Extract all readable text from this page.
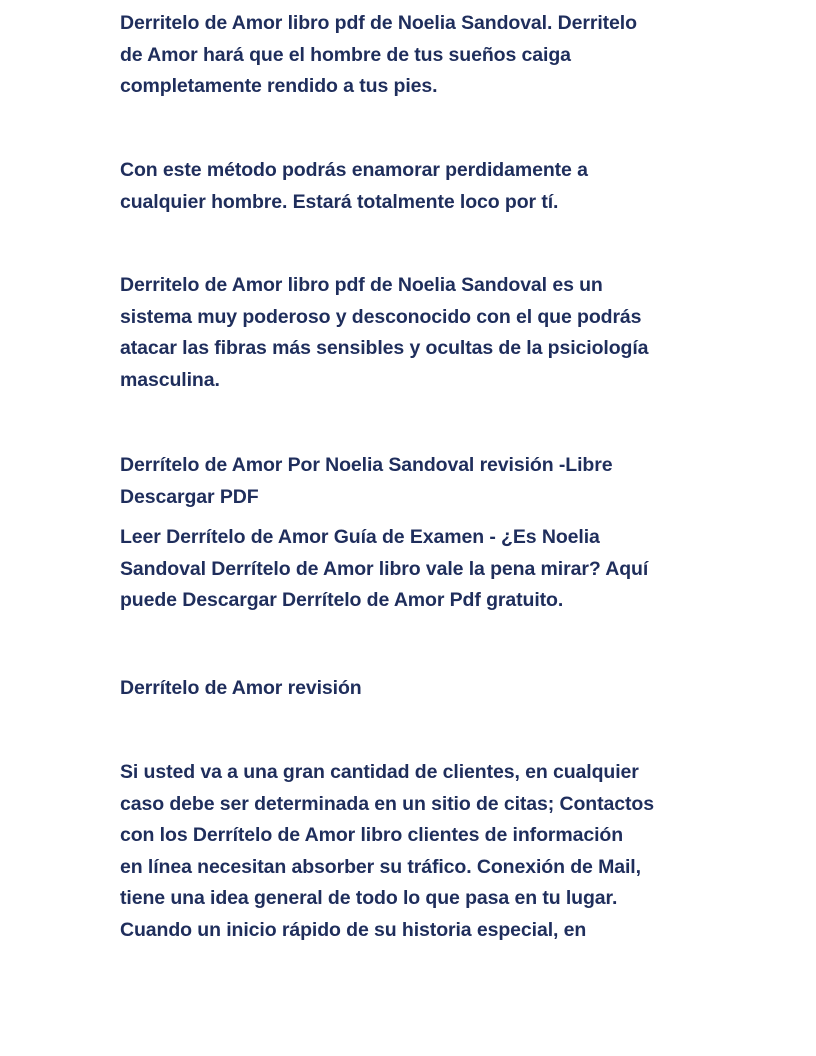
Derritelo de Amor libro pdf de Noelia Sandoval. Derritelo
de Amor hará que el hombre de tus sueños caiga
completamente rendido a tus pies.

Con este método podrás enamorar perdidamente a
cualquier hombre. Estará totalmente loco por tí.

Derritelo de Amor libro pdf de Noelia Sandoval es un
sistema muy poderoso y desconocido con el que podrás
atacar las fibras más sensibles y ocultas de la psiciología
masculina.

Derrítelo de Amor Por Noelia Sandoval revisión -Libre
Descargar PDF

Leer Derrítelo de Amor Guía de Examen - ¿Es Noelia
Sandoval Derrítelo de Amor libro vale la pena mirar? Aquí
puede Descargar Derrítelo de Amor Pdf gratuito.

Derrítelo de Amor revisión

Si usted va a una gran cantidad de clientes, en cualquier
caso debe ser determinada en un sitio de citas; Contactos
con los Derrítelo de Amor libro clientes de información
en línea necesitan absorber su tráfico. Conexión de Mail,
tiene una idea general de todo lo que pasa en tu lugar.
Cuando un inicio rápido de su historia especial, en
